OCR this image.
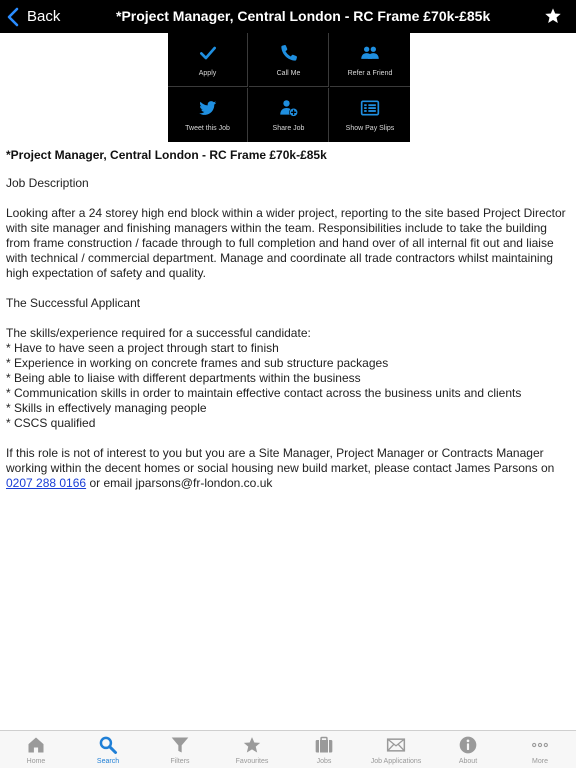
Back	*Project Manager, Central London - RC Frame £70k-£85k
Apply	Call Me	Refer a Friend
Tweet this Job	Share Job	Show Pay Slips
*Project Manager, Central London - RC Frame £70k-£85k
Job Description
Looking after a 24 storey high end block within a wider project, reporting to the site based Project Director with site manager and finishing managers within the team. Responsibilities include to take the building from frame construction / facade through to full completion and hand over of all internal fit out and liaise with technical / commercial department. Manage and coordinate all trade contractors whilst maintaining high expectation of safety and quality.
The Successful Applicant
The skills/experience required for a successful candidate:
* Have to have seen a project through start to finish
* Experience in working on concrete frames and sub structure packages
* Being able to liaise with different departments within the business
* Communication skills in order to maintain effective contact across the business units and clients
* Skills in effectively managing people
* CSCS qualified
If this role is not of interest to you but you are a Site Manager, Project Manager or Contracts Manager working within the decent homes or social housing new build market, please contact James Parsons on
0207 288 0166 or email jparsons@fr-london.co.uk
Home	Search	Filters	Favourites	Jobs	Job Applications	About	More
